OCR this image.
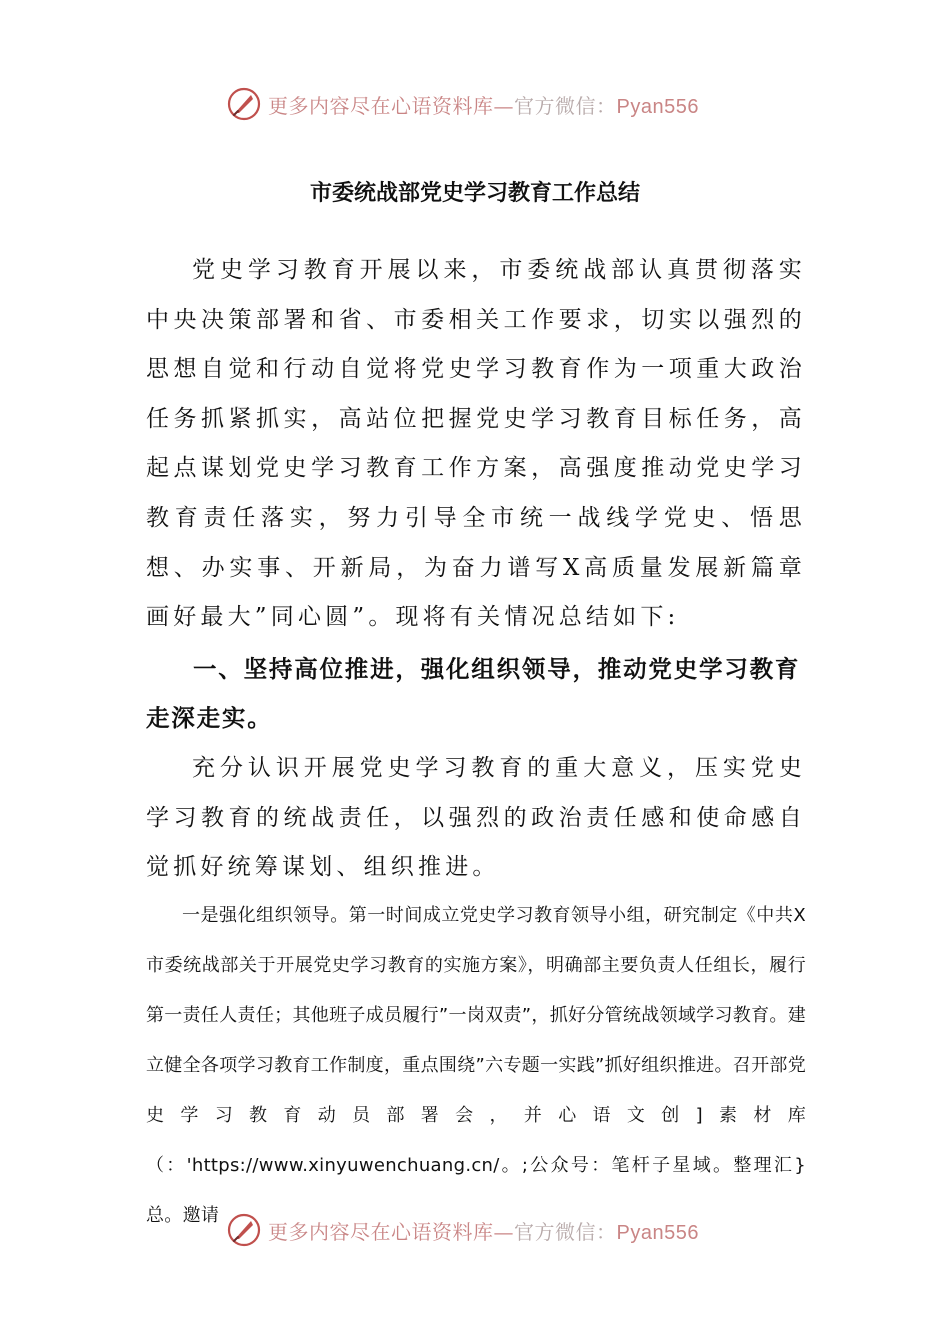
更多内容尽在心语资料库—官方微信：Pyan556
市委统战部党史学习教育工作总结

党史学习教育开展以来，市委统战部认真贯彻落实中央决策部署和省、市委相关工作要求，切实以强烈的思想自觉和行动自觉将党史学习教育作为一项重大政治任务抓紧抓实，高站位把握党史学习教育目标任务，高起点谋划党史学习教育工作方案，高强度推动党史学习教育责任落实，努力引导全市统一战线学党史、悟思想、办实事、开新局，为奋力谱写X高质量发展新篇章画好最大”同心圆”。现将有关情况总结如下:

一、坚持高位推进，强化组织领导，推动党史学习教育走深走实。

充分认识开展党史学习教育的重大意义，压实党史学习教育的统战责任，以强烈的政治责任感和使命感自觉抓好统筹谋划、组织推进。

一是强化组织领导。第一时间成立党史学习教育领导小组，研究制定《中共X市委统战部关于开展党史学习教育的实施方案》，明确部主要负责人任组长，履行第一责任人责任；其他班子成员履行”一岗双责”，抓好分管统战领域学习教育。建立健全各项学习教育工作制度，重点围绕”六专题一实践”抓好组织推进。召开部党史学习教育动员部署会，并心语文创]素材库（：'https://www.xinyuwenchuang.cn/。;公众号：笔杆子星域。整理汇}总。邀请

更多内容尽在心语资料库—官方微信：Pyan556
